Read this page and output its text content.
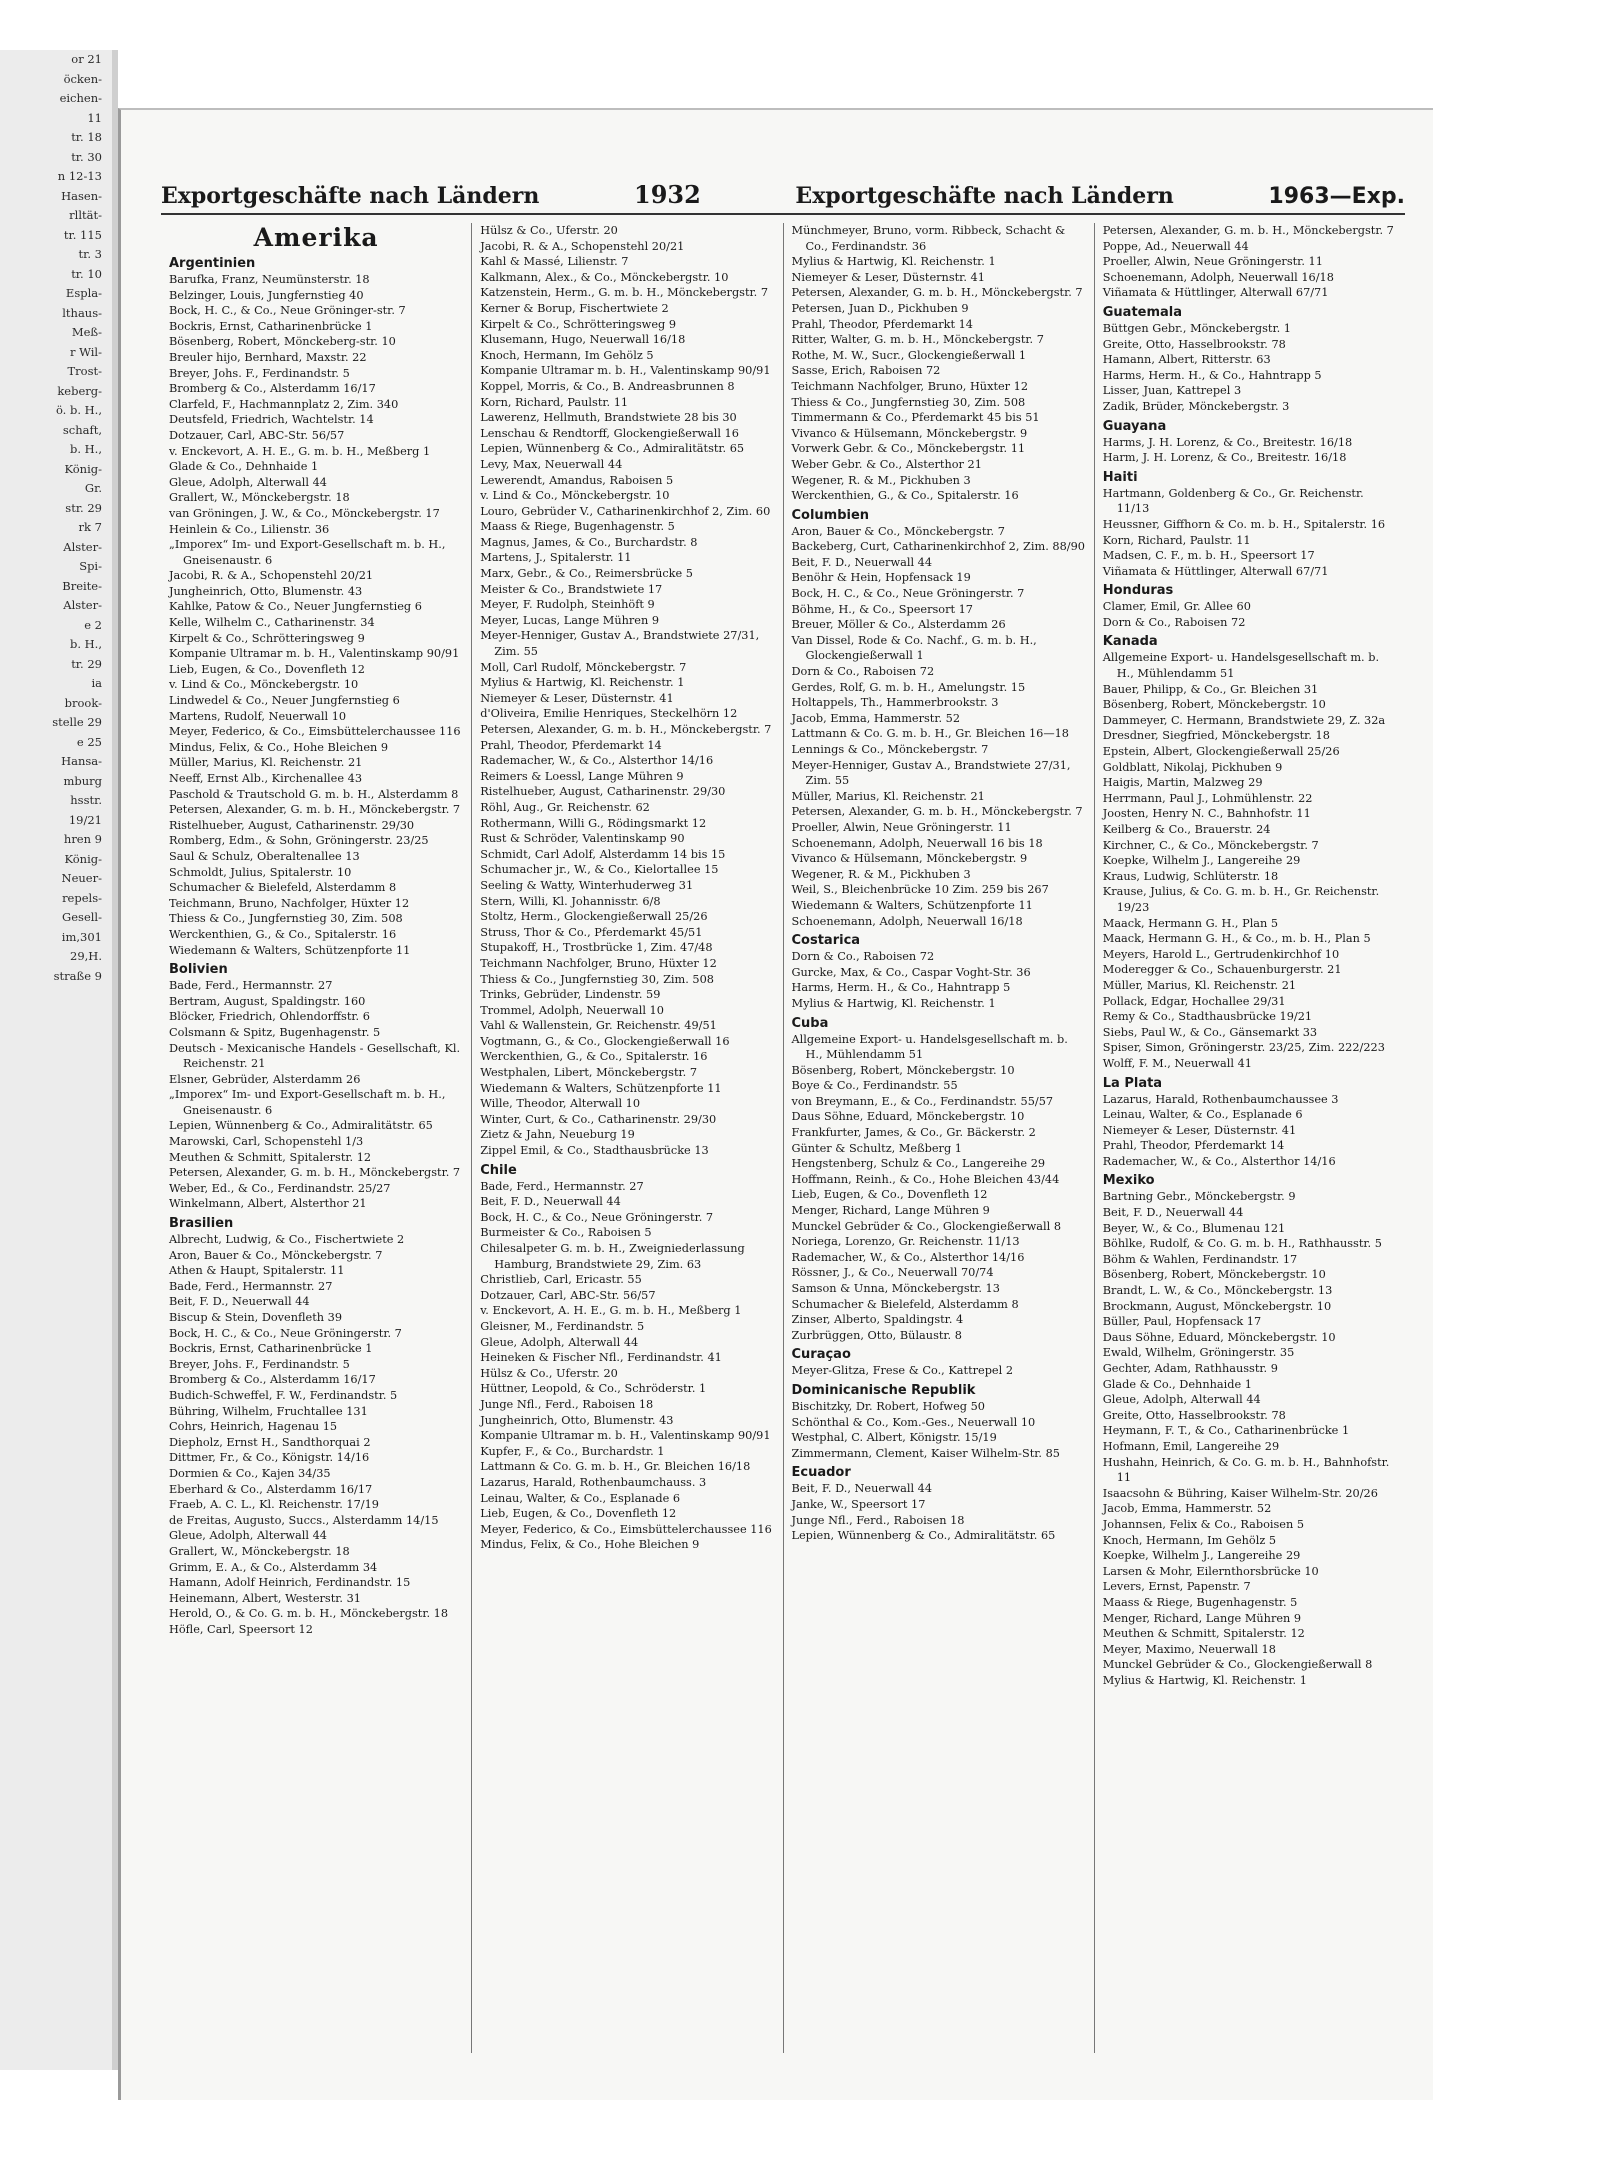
or 21
öcken-
eichen-
11
tr. 18
tr. 30
n 12-13
Hasen-
rlltät-
tr. 115
tr. 3
tr. 10
Espla-
lthaus-
Meß-
r Wil-
Trost-
keberg-
ö. b. H.,
schaft,
b. H.,
König-
Gr.
str. 29
rk 7
Alster-
Spi-
Breite-
Alster-
e 2
b. H.,
tr. 29
ia
brook-
stelle 29
e 25
Hansa-
mburg
hsstr.
19/21
hren 9
König-
Neuer-
repels-
Gesell-
im,301
29,H.
straße 9
Exportgeschäfte nach Ländern	1932	Exportgeschäfte nach Ländern	1963—Exp.
Amerika
Argentinien
Barufka, Franz, Neumünsterstr. 18
Belzinger, Louis, Jungfernstieg 40
Bock, H. C., & Co., Neue Gröninger-str. 7
Bockris, Ernst, Catharinenbrücke 1
Bösenberg, Robert, Mönckeberg-str. 10
Breuler hijo, Bernhard, Maxstr. 22
Breyer, Johs. F., Ferdinandstr. 5
Bromberg & Co., Alsterdamm 16/17
Clarfeld, F., Hachmannplatz 2, Zim. 340
Deutsfeld, Friedrich, Wachtelstr. 14
Dotzauer, Carl, ABC-Str. 56/57
v. Enckevort, A. H. E., G. m. b. H., Meßberg 1
Glade & Co., Dehnhaide 1
Gleue, Adolph, Alterwall 44
Grallert, W., Mönckebergstr. 18
van Gröningen, J. W., & Co., Mönckebergstr. 17
Heinlein & Co., Lilienstr. 36
„Imporex“ Im- und Export-Gesellschaft m. b. H., Gneisenaustr. 6
Jacobi, R. & A., Schopenstehl 20/21
Jungheinrich, Otto, Blumenstr. 43
Kahlke, Patow & Co., Neuer Jungfernstieg 6
Kelle, Wilhelm C., Catharinenstr. 34
Kirpelt & Co., Schrötteringsweg 9
Kompanie Ultramar m. b. H., Valentinskamp 90/91
Lieb, Eugen, & Co., Dovenfleth 12
v. Lind & Co., Mönckebergstr. 10
Lindwedel & Co., Neuer Jungfernstieg 6
Martens, Rudolf, Neuerwall 10
Meyer, Federico, & Co., Eimsbüttelerchaussee 116
Mindus, Felix, & Co., Hohe Bleichen 9
Müller, Marius, Kl. Reichenstr. 21
Neeff, Ernst Alb., Kirchenallee 43
Paschold & Trautschold G. m. b. H., Alsterdamm 8
Petersen, Alexander, G. m. b. H., Mönckebergstr. 7
Ristelhueber, August, Catharinenstr. 29/30
Romberg, Edm., & Sohn, Gröningerstr. 23/25
Saul & Schulz, Oberaltenallee 13
Schmoldt, Julius, Spitalerstr. 10
Schumacher & Bielefeld, Alsterdamm 8
Teichmann, Bruno, Nachfolger, Hüxter 12
Thiess & Co., Jungfernstieg 30, Zim. 508
Werckenthien, G., & Co., Spitalerstr. 16
Wiedemann & Walters, Schützenpforte 11
Bolivien
Bade, Ferd., Hermannstr. 27
Bertram, August, Spaldingstr. 160
Blöcker, Friedrich, Ohlendorffstr. 6
Colsmann & Spitz, Bugenhagenstr. 5
Deutsch - Mexicanische Handels - Gesellschaft, Kl. Reichenstr. 21
Elsner, Gebrüder, Alsterdamm 26
„Imporex“ Im- und Export-Gesellschaft m. b. H., Gneisenaustr. 6
Lepien, Wünnenberg & Co., Admiralitätstr. 65
Marowski, Carl, Schopenstehl 1/3
Meuthen & Schmitt, Spitalerstr. 12
Petersen, Alexander, G. m. b. H., Mönckebergstr. 7
Weber, Ed., & Co., Ferdinandstr. 25/27
Winkelmann, Albert, Alsterthor 21
Brasilien
Albrecht, Ludwig, & Co., Fischertwiete 2
Aron, Bauer & Co., Mönckebergstr. 7
Athen & Haupt, Spitalerstr. 11
Bade, Ferd., Hermannstr. 27
Beit, F. D., Neuerwall 44
Biscup & Stein, Dovenfleth 39
Bock, H. C., & Co., Neue Gröningerstr. 7
Bockris, Ernst, Catharinenbrücke 1
Breyer, Johs. F., Ferdinandstr. 5
Bromberg & Co., Alsterdamm 16/17
Budich-Schweffel, F. W., Ferdinandstr. 5
Bühring, Wilhelm, Fruchtallee 131
Cohrs, Heinrich, Hagenau 15
Diepholz, Ernst H., Sandthorquai 2
Dittmer, Fr., & Co., Königstr. 14/16
Dormien & Co., Kajen 34/35
Eberhard & Co., Alsterdamm 16/17
Fraeb, A. C. L., Kl. Reichenstr. 17/19
de Freitas, Augusto, Succs., Alsterdamm 14/15
Gleue, Adolph, Alterwall 44
Grallert, W., Mönckebergstr. 18
Grimm, E. A., & Co., Alsterdamm 34
Hamann, Adolf Heinrich, Ferdinandstr. 15
Heinemann, Albert, Westerstr. 31
Herold, O., & Co. G. m. b. H., Mönckebergstr. 18
Höfle, Carl, Speersort 12
Hülsz & Co., Uferstr. 20
Jacobi, R. & A., Schopenstehl 20/21
Kahl & Massé, Lilienstr. 7
Kalkmann, Alex., & Co., Mönckebergstr. 10
Katzenstein, Herm., G. m. b. H., Mönckebergstr. 7
Kerner & Borup, Fischertwiete 2
Kirpelt & Co., Schrötteringsweg 9
Klusemann, Hugo, Neuerwall 16/18
Knoch, Hermann, Im Gehölz 5
Kompanie Ultramar m. b. H., Valentinskamp 90/91
Koppel, Morris, & Co., B. Andreasbrunnen 8
Korn, Richard, Paulstr. 11
Lawerenz, Hellmuth, Brandstwiete 28 bis 30
Lenschau & Rendtorff, Glockengießerwall 16
Lepien, Wünnenberg & Co., Admiralitätstr. 65
Levy, Max, Neuerwall 44
Lewerendt, Amandus, Raboisen 5
v. Lind & Co., Mönckebergstr. 10
Louro, Gebrüder V., Catharinenkirchhof 2, Zim. 60
Maass & Riege, Bugenhagenstr. 5
Magnus, James, & Co., Burchardstr. 8
Martens, J., Spitalerstr. 11
Marx, Gebr., & Co., Reimersbrücke 5
Meister & Co., Brandstwiete 17
Meyer, F. Rudolph, Steinhöft 9
Meyer, Lucas, Lange Mühren 9
Meyer-Henniger, Gustav A., Brandstwiete 27/31, Zim. 55
Moll, Carl Rudolf, Mönckebergstr. 7
Mylius & Hartwig, Kl. Reichenstr. 1
Niemeyer & Leser, Düsternstr. 41
d'Oliveira, Emilie Henriques, Steckelhörn 12
Petersen, Alexander, G. m. b. H., Mönckebergstr. 7
Prahl, Theodor, Pferdemarkt 14
Rademacher, W., & Co., Alsterthor 14/16
Reimers & Loessl, Lange Mühren 9
Ristelhueber, August, Catharinenstr. 29/30
Röhl, Aug., Gr. Reichenstr. 62
Rothermann, Willi G., Rödingsmarkt 12
Rust & Schröder, Valentinskamp 90
Schmidt, Carl Adolf, Alsterdamm 14 bis 15
Schumacher jr., W., & Co., Kielortallee 15
Seeling & Watty, Winterhuderweg 31
Stern, Willi, Kl. Johannisstr. 6/8
Stoltz, Herm., Glockengießerwall 25/26
Struss, Thor & Co., Pferdemarkt 45/51
Stupakoff, H., Trostbrücke 1, Zim. 47/48
Teichmann Nachfolger, Bruno, Hüxter 12
Thiess & Co., Jungfernstieg 30, Zim. 508
Trinks, Gebrüder, Lindenstr. 59
Trommel, Adolph, Neuerwall 10
Vahl & Wallenstein, Gr. Reichenstr. 49/51
Vogtmann, G., & Co., Glockengießerwall 16
Werckenthien, G., & Co., Spitalerstr. 16
Westphalen, Libert, Mönckebergstr. 7
Wiedemann & Walters, Schützenpforte 11
Wille, Theodor, Alterwall 10
Winter, Curt, & Co., Catharinenstr. 29/30
Zietz & Jahn, Neueburg 19
Zippel Emil, & Co., Stadthausbrücke 13
Chile
Bade, Ferd., Hermannstr. 27
Beit, F. D., Neuerwall 44
Bock, H. C., & Co., Neue Gröningerstr. 7
Burmeister & Co., Raboisen 5
Chilesalpeter G. m. b. H., Zweigniederlassung Hamburg, Brandstwiete 29, Zim. 63
Christlieb, Carl, Ericastr. 55
Dotzauer, Carl, ABC-Str. 56/57
v. Enckevort, A. H. E., G. m. b. H., Meßberg 1
Gleisner, M., Ferdinandstr. 5
Gleue, Adolph, Alterwall 44
Heineken & Fischer Nfl., Ferdinandstr. 41
Hülsz & Co., Uferstr. 20
Hüttner, Leopold, & Co., Schröderstr. 1
Junge Nfl., Ferd., Raboisen 18
Jungheinrich, Otto, Blumenstr. 43
Kompanie Ultramar m. b. H., Valentinskamp 90/91
Kupfer, F., & Co., Burchardstr. 1
Lattmann & Co. G. m. b. H., Gr. Bleichen 16/18
Lazarus, Harald, Rothenbaumchauss. 3
Leinau, Walter, & Co., Esplanade 6
Lieb, Eugen, & Co., Dovenfleth 12
Meyer, Federico, & Co., Eimsbüttelerchaussee 116
Mindus, Felix, & Co., Hohe Bleichen 9
Münchmeyer, Bruno, vorm. Ribbeck, Schacht & Co., Ferdinandstr. 36
Mylius & Hartwig, Kl. Reichenstr. 1
Niemeyer & Leser, Düsternstr. 41
Petersen, Alexander, G. m. b. H., Mönckebergstr. 7
Petersen, Juan D., Pickhuben 9
Prahl, Theodor, Pferdemarkt 14
Ritter, Walter, G. m. b. H., Mönckebergstr. 7
Rothe, M. W., Sucr., Glockengießerwall 1
Sasse, Erich, Raboisen 72
Teichmann Nachfolger, Bruno, Hüxter 12
Thiess & Co., Jungfernstieg 30, Zim. 508
Timmermann & Co., Pferdemarkt 45 bis 51
Vivanco & Hülsemann, Mönckebergstr. 9
Vorwerk Gebr. & Co., Mönckebergstr. 11
Weber Gebr. & Co., Alsterthor 21
Wegener, R. & M., Pickhuben 3
Werckenthien, G., & Co., Spitalerstr. 16
Columbien
Aron, Bauer & Co., Mönckebergstr. 7
Backeberg, Curt, Catharinenkirchhof 2, Zim. 88/90
Beit, F. D., Neuerwall 44
Benöhr & Hein, Hopfensack 19
Bock, H. C., & Co., Neue Gröningerstr. 7
Böhme, H., & Co., Speersort 17
Breuer, Möller & Co., Alsterdamm 26
Van Dissel, Rode & Co. Nachf., G. m. b. H., Glockengießerwall 1
Dorn & Co., Raboisen 72
Gerdes, Rolf, G. m. b. H., Amelungstr. 15
Holtappels, Th., Hammerbrookstr. 3
Jacob, Emma, Hammerstr. 52
Lattmann & Co. G. m. b. H., Gr. Bleichen 16—18
Lennings & Co., Mönckebergstr. 7
Meyer-Henniger, Gustav A., Brandstwiete 27/31, Zim. 55
Müller, Marius, Kl. Reichenstr. 21
Petersen, Alexander, G. m. b. H., Mönckebergstr. 7
Proeller, Alwin, Neue Gröningerstr. 11
Schoenemann, Adolph, Neuerwall 16 bis 18
Vivanco & Hülsemann, Mönckebergstr. 9
Wegener, R. & M., Pickhuben 3
Weil, S., Bleichenbrücke 10 Zim. 259 bis 267
Wiedemann & Walters, Schützenpforte 11
Schoenemann, Adolph, Neuerwall 16/18
Costarica
Dorn & Co., Raboisen 72
Gurcke, Max, & Co., Caspar Voght-Str. 36
Harms, Herm. H., & Co., Hahntrapp 5
Mylius & Hartwig, Kl. Reichenstr. 1
Cuba
Allgemeine Export- u. Handelsgesellschaft m. b. H., Mühlendamm 51
Bösenberg, Robert, Mönckebergstr. 10
Boye & Co., Ferdinandstr. 55
von Breymann, E., & Co., Ferdinandstr. 55/57
Daus Söhne, Eduard, Mönckebergstr. 10
Frankfurter, James, & Co., Gr. Bäckerstr. 2
Günter & Schultz, Meßberg 1
Hengstenberg, Schulz & Co., Langereihe 29
Hoffmann, Reinh., & Co., Hohe Bleichen 43/44
Lieb, Eugen, & Co., Dovenfleth 12
Menger, Richard, Lange Mühren 9
Munckel Gebrüder & Co., Glockengießerwall 8
Noriega, Lorenzo, Gr. Reichenstr. 11/13
Rademacher, W., & Co., Alsterthor 14/16
Rössner, J., & Co., Neuerwall 70/74
Samson & Unna, Mönckebergstr. 13
Schumacher & Bielefeld, Alsterdamm 8
Zinser, Alberto, Spaldingstr. 4
Zurbrüggen, Otto, Bülaustr. 8
Curaçao
Meyer-Glitza, Frese & Co., Kattrepel 2
Dominicanische Republik
Bischitzky, Dr. Robert, Hofweg 50
Schönthal & Co., Kom.-Ges., Neuerwall 10
Westphal, C. Albert, Königstr. 15/19
Zimmermann, Clement, Kaiser Wilhelm-Str. 85
Ecuador
Beit, F. D., Neuerwall 44
Janke, W., Speersort 17
Junge Nfl., Ferd., Raboisen 18
Lepien, Wünnenberg & Co., Admiralitätstr. 65
Petersen, Alexander, G. m. b. H., Mönckebergstr. 7
Poppe, Ad., Neuerwall 44
Proeller, Alwin, Neue Gröningerstr. 11
Schoenemann, Adolph, Neuerwall 16/18
Viñamata & Hüttlinger, Alterwall 67/71
Guatemala
Büttgen Gebr., Mönckebergstr. 1
Greite, Otto, Hasselbrookstr. 78
Hamann, Albert, Ritterstr. 63
Harms, Herm. H., & Co., Hahntrapp 5
Lisser, Juan, Kattrepel 3
Zadik, Brüder, Mönckebergstr. 3
Guayana
Harms, J. H. Lorenz, & Co., Breitestr. 16/18
Harm, J. H. Lorenz, & Co., Breitestr. 16/18
Haiti
Hartmann, Goldenberg & Co., Gr. Reichenstr. 11/13
Heussner, Giffhorn & Co. m. b. H., Spitalerstr. 16
Korn, Richard, Paulstr. 11
Madsen, C. F., m. b. H., Speersort 17
Viñamata & Hüttlinger, Alterwall 67/71
Honduras
Clamer, Emil, Gr. Allee 60
Dorn & Co., Raboisen 72
Kanada
Allgemeine Export- u. Handelsgesellschaft m. b. H., Mühlendamm 51
Bauer, Philipp, & Co., Gr. Bleichen 31
Bösenberg, Robert, Mönckebergstr. 10
Dammeyer, C. Hermann, Brandstwiete 29, Z. 32a
Dresdner, Siegfried, Mönckebergstr. 18
Epstein, Albert, Glockengießerwall 25/26
Goldblatt, Nikolaj, Pickhuben 9
Haigis, Martin, Malzweg 29
Herrmann, Paul J., Lohmühlenstr. 22
Joosten, Henry N. C., Bahnhofstr. 11
Keilberg & Co., Brauerstr. 24
Kirchner, C., & Co., Mönckebergstr. 7
Koepke, Wilhelm J., Langereihe 29
Kraus, Ludwig, Schlüterstr. 18
Krause, Julius, & Co. G. m. b. H., Gr. Reichenstr. 19/23
Maack, Hermann G. H., Plan 5
Maack, Hermann G. H., & Co., m. b. H., Plan 5
Meyers, Harold L., Gertrudenkirchhof 10
Moderegger & Co., Schauenburgerstr. 21
Müller, Marius, Kl. Reichenstr. 21
Pollack, Edgar, Hochallee 29/31
Remy & Co., Stadthausbrücke 19/21
Siebs, Paul W., & Co., Gänsemarkt 33
Spiser, Simon, Gröningerstr. 23/25, Zim. 222/223
Wolff, F. M., Neuerwall 41
La Plata
Lazarus, Harald, Rothenbaumchaussee 3
Leinau, Walter, & Co., Esplanade 6
Niemeyer & Leser, Düsternstr. 41
Prahl, Theodor, Pferdemarkt 14
Rademacher, W., & Co., Alsterthor 14/16
Mexiko
Bartning Gebr., Mönckebergstr. 9
Beit, F. D., Neuerwall 44
Beyer, W., & Co., Blumenau 121
Böhlke, Rudolf, & Co. G. m. b. H., Rathhausstr. 5
Böhm & Wahlen, Ferdinandstr. 17
Bösenberg, Robert, Mönckebergstr. 10
Brandt, L. W., & Co., Mönckebergstr. 13
Brockmann, August, Mönckebergstr. 10
Büller, Paul, Hopfensack 17
Daus Söhne, Eduard, Mönckebergstr. 10
Ewald, Wilhelm, Gröningerstr. 35
Gechter, Adam, Rathhausstr. 9
Glade & Co., Dehnhaide 1
Gleue, Adolph, Alterwall 44
Greite, Otto, Hasselbrookstr. 78
Heymann, F. T., & Co., Catharinenbrücke 1
Hofmann, Emil, Langereihe 29
Hushahn, Heinrich, & Co. G. m. b. H., Bahnhofstr. 11
Isaacsohn & Bühring, Kaiser Wilhelm-Str. 20/26
Jacob, Emma, Hammerstr. 52
Johannsen, Felix & Co., Raboisen 5
Knoch, Hermann, Im Gehölz 5
Koepke, Wilhelm J., Langereihe 29
Larsen & Mohr, Eilernthorsbrücke 10
Levers, Ernst, Papenstr. 7
Maass & Riege, Bugenhagenstr. 5
Menger, Richard, Lange Mühren 9
Meuthen & Schmitt, Spitalerstr. 12
Meyer, Maximo, Neuerwall 18
Munckel Gebrüder & Co., Glockengießerwall 8
Mylius & Hartwig, Kl. Reichenstr. 1
